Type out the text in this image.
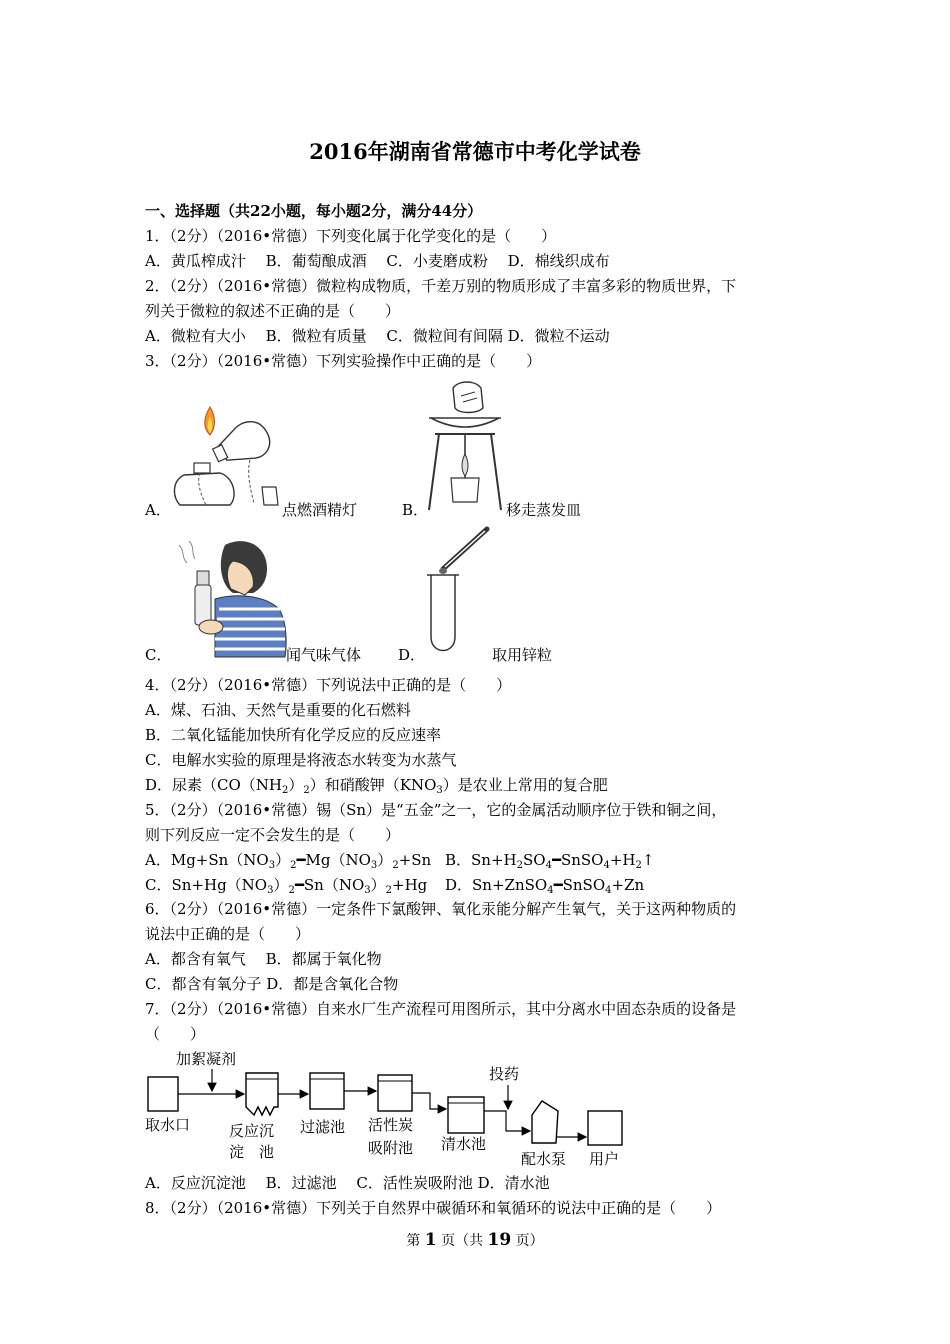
2016年湖南省常德市中考化学试卷
一、选择题（共22小题，每小题2分，满分44分）
1．（2分）（2016•常德）下列变化属于化学变化的是（　　）
A．黄瓜榨成汁　 B．葡萄酿成酒　 C．小麦磨成粉　 D．棉线织成布
2．（2分）（2016•常德）微粒构成物质，千差万别的物质形成了丰富多彩的物质世界，下
列关于微粒的叙述不正确的是（　　）
A．微粒有大小　 B．微粒有质量　 C．微粒间有间隔 D．微粒不运动
3．（2分）（2016•常德）下列实验操作中正确的是（　　）
A．	点燃酒精灯	B．	移走蒸发皿
C．	闻气味气体 D．	取用锌粒
4．（2分）（2016•常德）下列说法中正确的是（　　）
A．煤、石油、天然气是重要的化石燃料
B．二氧化锰能加快所有化学反应的反应速率
C．电解水实验的原理是将液态水转变为水蒸气
D．尿素$(CO(NH_2)_2)$和硝酸钾$(KNO_3)$是农业上常用的复合肥
5．（2分）（2016•常德）锡（Sn）是“五金”之一，它的金属活动顺序位于铁和铜之间，
则下列反应一定不会发生的是（　　）
A．$Mg+Sn(NO_3)_2━Mg(NO_3)_2+Sn$ B．$Sn+H_2SO_4━SnSO_4+H_2↑$
C．$Sn+Hg(NO_3)_2━Sn(NO_3)_2+Hg$ D．Sn+ZnSO$_4$━SnSO$_4$+Zn
6．（2分）（2016•常德）一定条件下氯酸钾、氧化汞能分解产生氧气，关于这两种物质的
说法中正确的是（　　）
A．都含有氧气　 B．都属于氧化物
C．都含有氧分子 D．都是含氧化合物
7．（2分）（2016•常德）自来水厂生产流程可用图所示，其中分离水中固态杂质的设备是
（　　）
取水口
加絮凝剂
反应沉
淀　池
过滤池 活性炭
吸附池 清水池
投药
配水泵 用户
A．反应沉淀池　 B．过滤池　 C．活性炭吸附池 D．清水池
8．（2分）（2016•常德）下列关于自然界中碳循环和氧循环的说法中正确的是（　　）
第 1 页（共 19 页）
